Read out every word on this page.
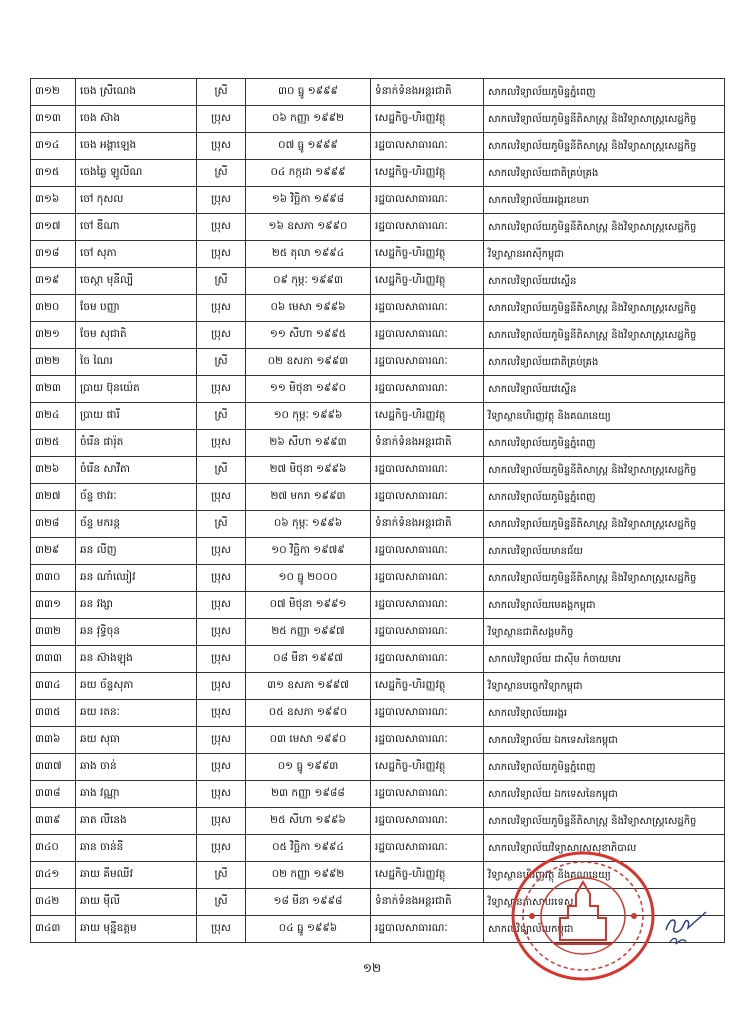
៣១២	ចេង ស្រីណេង	ស្រី	៣០ ធ្នូ ១៩៩៩	ទំនាក់ទំនងអន្តរជាតិ	សាកលវិទ្យាល័យភូមិន្ទភ្នំពេញ
៣១៣	ចេង ស៊ាង	ប្រុស	០៦ កញ្ញា ១៩៩២	សេដ្ឋកិច្ច-ហិរញ្ញវត្ថុ	សាកលវិទ្យាល័យភូមិន្ទនីតិសាស្ត្រ និងវិទ្យាសាស្ត្រសេដ្ឋកិច្ច
៣១៤	ចេង អង្គាឡេង	ប្រុស	០៧ ធ្នូ ១៩៩៩	រដ្ឋបាលសាធារណៈ	សាកលវិទ្យាល័យភូមិន្ទនីតិសាស្ត្រ និងវិទ្យាសាស្ត្រសេដ្ឋកិច្ច
៣១៥	ចេងឆ្ងៃ ឡូលីណ	ស្រី	០៤ កក្កដា ១៩៩៩	សេដ្ឋកិច្ច-ហិរញ្ញវត្ថុ	សាកលវិទ្យាល័យជាតិគ្រប់គ្រង
៣១៦	ចៅ កុសល	ប្រុស	១៦ វិច្ឆិកា ១៩៩៨	រដ្ឋបាលសាធារណៈ	សាកលវិទ្យាល័យអង្គរខេមរា
៣១៧	ចៅ ឌីណា	ប្រុស	១៦ ឧសភា ១៩៩០	រដ្ឋបាលសាធារណៈ	សាកលវិទ្យាល័យភូមិន្ទនីតិសាស្ត្រ និងវិទ្យាសាស្ត្រសេដ្ឋកិច្ច
៣១៨	ចៅ សុភា	ប្រុស	២៥ តុលា ១៩៩៤	សេដ្ឋកិច្ច-ហិរញ្ញវត្ថុ	វិទ្យាស្ថានអាស៊ីកម្ពុជា
៣១៩	ចេស្តា មុនីល្បី	ស្រី	០៩ កុម្ភៈ ១៩៩៣	សេដ្ឋកិច្ច-ហិរញ្ញវត្ថុ	សាកលវិទ្យាល័យវេស្ទើន
៣២០	ចែម បញ្ញា	ប្រុស	០៦ មេសា ១៩៩៦	រដ្ឋបាលសាធារណៈ	សាកលវិទ្យាល័យភូមិន្ទនីតិសាស្ត្រ និងវិទ្យាសាស្ត្រសេដ្ឋកិច្ច
៣២១	ចែម សុជាតិ	ប្រុស	១១ សីហា ១៩៩៥	រដ្ឋបាលសាធារណៈ	សាកលវិទ្យាល័យភូមិន្ទនីតិសាស្ត្រ និងវិទ្យាសាស្ត្រសេដ្ឋកិច្ច
៣២២	ចៃ ណៃរ	ស្រី	០២ ឧសភា ១៩៩៣	រដ្ឋបាលសាធារណៈ	សាកលវិទ្យាល័យជាតិគ្រប់គ្រង
៣២៣	ប្រាយ ប៊ុនយ៉េត	ប្រុស	១១ មិថុនា ១៩៩០	រដ្ឋបាលសាធារណៈ	សាកលវិទ្យាល័យវេស្ទើន
៣២៤	ប្រាយ ផារី	ស្រី	១០ កុម្ភៈ ១៩៩៦	សេដ្ឋកិច្ច-ហិរញ្ញវត្ថុ	វិទ្យាស្ថានហិរញ្ញវត្ថុ និងគណនេយ្យ
៣២៥	ចំរើន ផារ៉ុត	ប្រុស	២៦ សីហា ១៩៩៣	ទំនាក់ទំនងអន្តរជាតិ	សាកលវិទ្យាល័យភូមិន្ទភ្នំពេញ
៣២៦	ចំរើន សាវីតា	ស្រី	២៧ មិថុនា ១៩៩៦	រដ្ឋបាលសាធារណៈ	សាកលវិទ្យាល័យភូមិន្ទនីតិសាស្ត្រ និងវិទ្យាសាស្ត្រសេដ្ឋកិច្ច
៣២៧	ច័ន្ទ ថាវរៈ	ប្រុស	២៧ មករា ១៩៩៣	រដ្ឋបាលសាធារណៈ	សាកលវិទ្យាល័យភូមិន្ទភ្នំពេញ
៣២៨	ច័ន្ទ មករន្ត	ស្រី	០៦ កុម្ភៈ ១៩៩៦	ទំនាក់ទំនងអន្តរជាតិ	សាកលវិទ្យាល័យភូមិន្ទនីតិសាស្ត្រ និងវិទ្យាសាស្ត្រសេដ្ឋកិច្ច
៣២៩	ឆន លីញ	ប្រុស	១០ វិច្ឆិកា ១៩៧៩	រដ្ឋបាលសាធារណៈ	សាកលវិទ្យាល័យមានជ័យ
៣៣០	ឆន ណាំឈៀវ	ប្រុស	១០ ធ្នូ ២០០០	រដ្ឋបាលសាធារណៈ	សាកលវិទ្យាល័យភូមិន្ទនីតិសាស្ត្រ និងវិទ្យាសាស្ត្រសេដ្ឋកិច្ច
៣៣១	ឆន វង្សា	ប្រុស	០៧ មិថុនា ១៩៩១	រដ្ឋបាលសាធារណៈ	សាកលវិទ្យាល័យមេគង្គកម្ពុជា
៣៣២	ឆន វុទ្ធិចុន	ប្រុស	២៥ កញ្ញា ១៩៩៧	រដ្ឋបាលសាធារណៈ	វិទ្យាស្ថានជាតិសង្គមកិច្ច
៣៣៣	ឆន ស៊ាងឡុង	ប្រុស	០៨ មីនា ១៩៩៧	រដ្ឋបាលសាធារណៈ	សាកលវិទ្យាល័យ ជាស៊ីម កំចាយមារ
៣៣៤	ឆយ ច័ន្ទសុភា	ប្រុស	៣១ ឧសភា ១៩៩៧	សេដ្ឋកិច្ច-ហិរញ្ញវត្ថុ	វិទ្យាស្ថានបច្ចេកវិទ្យាកម្ពុជា
៣៣៥	ឆយ រតនៈ	ប្រុស	០៥ ឧសភា ១៩៩០	រដ្ឋបាលសាធារណៈ	សាកលវិទ្យាល័យអង្គរ
៣៣៦	ឆយ សុធា	ប្រុស	០៣ មេសា ១៩៩០	រដ្ឋបាលសាធារណៈ	សាកលវិទ្យាល័យ ឯកទេសនៃកម្ពុជា
៣៣៧	ឆាង ចាន់	ប្រុស	០១ ធ្នូ ១៩៩៣	សេដ្ឋកិច្ច-ហិរញ្ញវត្ថុ	សាកលវិទ្យាល័យភូមិន្ទភ្នំពេញ
៣៣៨	ឆាង វណ្ណា	ប្រុស	២៣ កញ្ញា ១៩៨៨	រដ្ឋបាលសាធារណៈ	សាកលវិទ្យាល័យ ឯកទេសនៃកម្ពុជា
៣៣៩	ឆាត លីនេង	ប្រុស	២៥ សីហា ១៩៩៦	រដ្ឋបាលសាធារណៈ	សាកលវិទ្យាល័យភូមិន្ទនីតិសាស្ត្រ និងវិទ្យាសាស្ត្រសេដ្ឋកិច្ច
៣៤០	ឆាន ចាន់នី	ប្រុស	០៥ វិច្ឆិកា ១៩៩៤	រដ្ឋបាលសាធារណៈ	សាកលវិទ្យាល័យវិទ្យាសាស្ត្រសុខាភិបាល
៣៤១	ឆាយ គីមឈីវ	ស្រី	០២ កញ្ញា ១៩៩២	សេដ្ឋកិច្ច-ហិរញ្ញវត្ថុ	វិទ្យាស្ថានហិរញ្ញវត្ថុ និងគណនេយ្យ
៣៤២	ឆាយ ម៉ីលី	ស្រី	១៨ មីនា ១៩៩៨	ទំនាក់ទំនងអន្តរជាតិ	វិទ្យាស្ថានភាសាបរទេស
៣៤៣	ឆាយ មុន្នីឧត្តម	ប្រុស	០៤ ធ្នូ ១៩៩៦	រដ្ឋបាលសាធារណៈ	សាកលវិទ្យាល័យកម្ពុជា
១២
